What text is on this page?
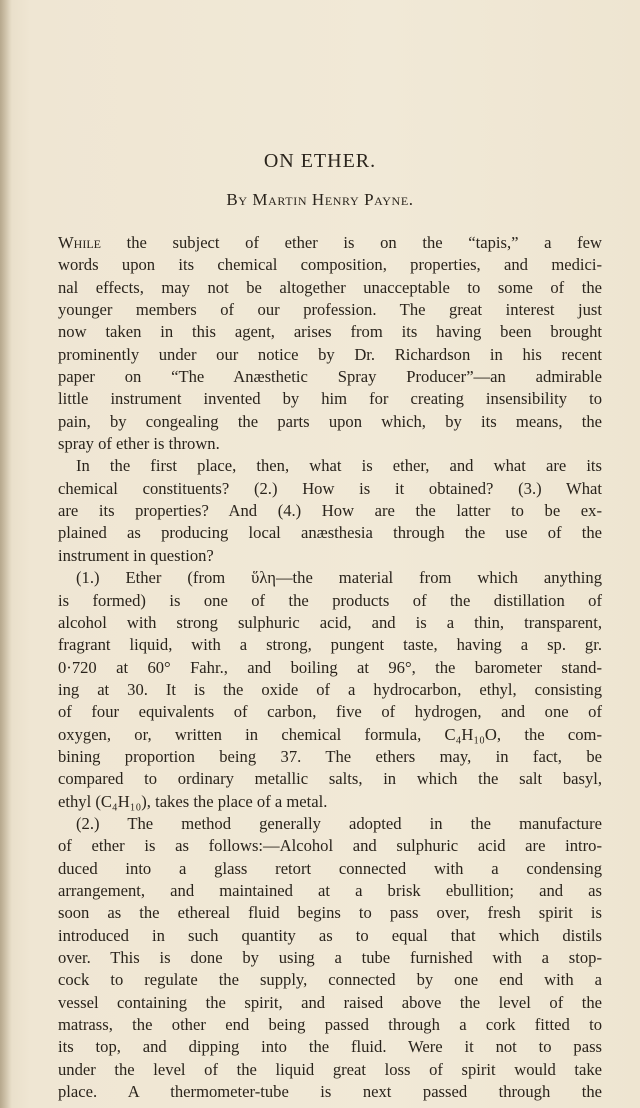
ON ETHER.
By Martin Henry Payne.
While the subject of ether is on the “tapis,” a few
words upon its chemical composition, properties, and medici-
nal effects, may not be altogether unacceptable to some of the
younger members of our profession. The great interest just
now taken in this agent, arises from its having been brought
prominently under our notice by Dr. Richardson in his recent
paper on “The Anæsthetic Spray Producer”—an admirable
little instrument invented by him for creating insensibility to
pain, by congealing the parts upon which, by its means, the
spray of ether is thrown.
In the first place, then, what is ether, and what are its
chemical constituents? (2.) How is it obtained? (3.) What
are its properties? And (4.) How are the latter to be ex-
plained as producing local anæsthesia through the use of the
instrument in question?
(1.) Ether (from ὕλη—the material from which anything
is formed) is one of the products of the distillation of
alcohol with strong sulphuric acid, and is a thin, transparent,
fragrant liquid, with a strong, pungent taste, having a sp. gr.
0·720 at 60° Fahr., and boiling at 96°, the barometer stand-
ing at 30. It is the oxide of a hydrocarbon, ethyl, consisting
of four equivalents of carbon, five of hydrogen, and one of
oxygen, or, written in chemical formula, C₄H₁₀O, the com-
bining proportion being 37. The ethers may, in fact, be
compared to ordinary metallic salts, in which the salt basyl,
ethyl (C₄H₁₀), takes the place of a metal.
(2.) The method generally adopted in the manufacture
of ether is as follows:—Alcohol and sulphuric acid are intro-
duced into a glass retort connected with a condensing
arrangement, and maintained at a brisk ebullition; and as
soon as the ethereal fluid begins to pass over, fresh spirit is
introduced in such quantity as to equal that which distils
over. This is done by using a tube furnished with a stop-
cock to regulate the supply, connected by one end with a
vessel containing the spirit, and raised above the level of the
matrass, the other end being passed through a cork fitted to
its top, and dipping into the fluid. Were it not to pass
under the level of the liquid great loss of spirit would take
place. A thermometer-tube is next passed through the
